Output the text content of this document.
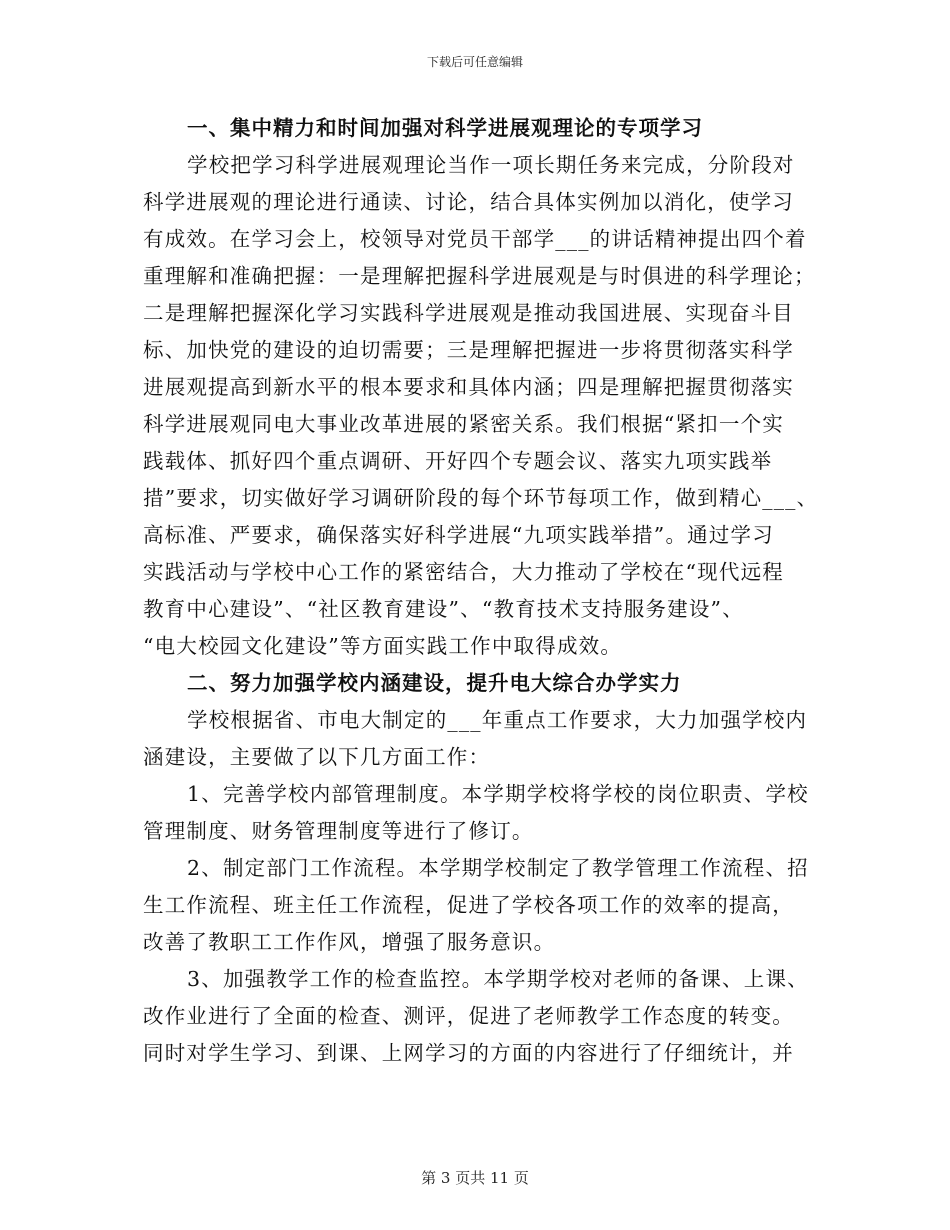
下载后可任意编辑
一、集中精力和时间加强对科学进展观理论的专项学习
学校把学习科学进展观理论当作一项长期任务来完成，分阶段对
科学进展观的理论进行通读、讨论，结合具体实例加以消化，使学习
有成效。在学习会上，校领导对党员干部学___的讲话精神提出四个着
重理解和准确把握：一是理解把握科学进展观是与时俱进的科学理论；
二是理解把握深化学习实践科学进展观是推动我国进展、实现奋斗目
标、加快党的建设的迫切需要；三是理解把握进一步将贯彻落实科学
进展观提高到新水平的根本要求和具体内涵；四是理解把握贯彻落实
科学进展观同电大事业改革进展的紧密关系。我们根据“紧扣一个实
践载体、抓好四个重点调研、开好四个专题会议、落实九项实践举
措”要求，切实做好学习调研阶段的每个环节每项工作，做到精心___、
高标准、严要求，确保落实好科学进展“九项实践举措”。通过学习
实践活动与学校中心工作的紧密结合，大力推动了学校在“现代远程
教育中心建设”、“社区教育建设”、“教育技术支持服务建设”、
“电大校园文化建设”等方面实践工作中取得成效。
二、努力加强学校内涵建设，提升电大综合办学实力
学校根据省、市电大制定的___年重点工作要求，大力加强学校内
涵建设，主要做了以下几方面工作：
1、完善学校内部管理制度。本学期学校将学校的岗位职责、学校
管理制度、财务管理制度等进行了修订。
2、制定部门工作流程。本学期学校制定了教学管理工作流程、招
生工作流程、班主任工作流程，促进了学校各项工作的效率的提高，
改善了教职工工作作风，增强了服务意识。
3、加强教学工作的检查监控。本学期学校对老师的备课、上课、
改作业进行了全面的检查、测评，促进了老师教学工作态度的转变。
同时对学生学习、到课、上网学习的方面的内容进行了仔细统计，并
第 3 页共 11 页
